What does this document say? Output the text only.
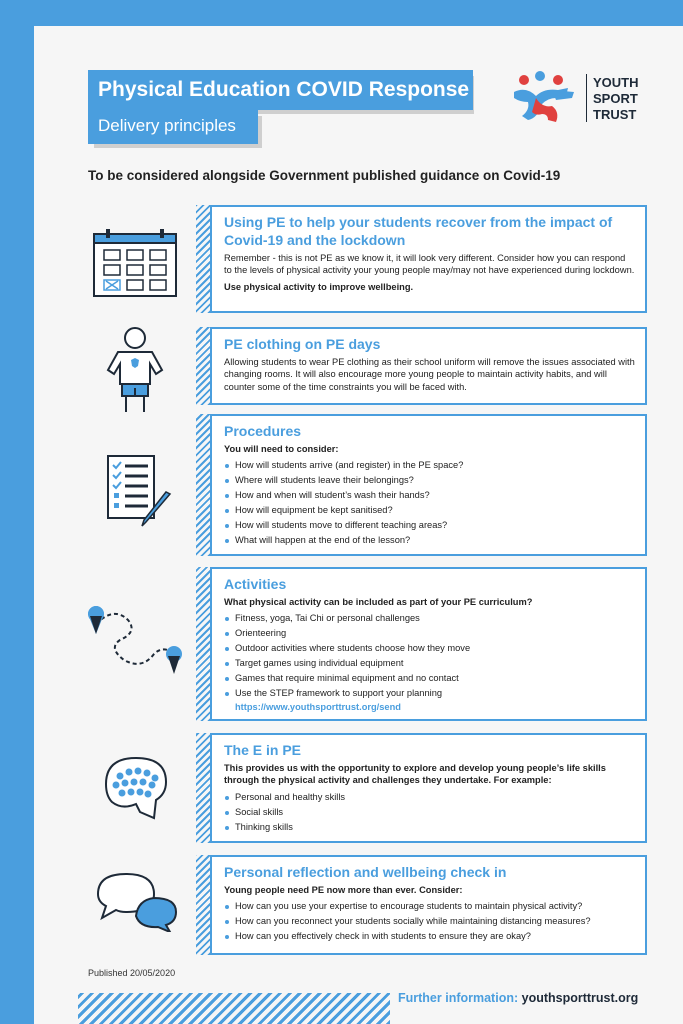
Physical Education COVID Response
Delivery principles
YOUTH
SPORT
TRUST
To be considered alongside Government published guidance on Covid-19
Using PE to help your students recover from the impact of Covid-19 and the lockdown
Remember - this is not PE as we know it, it will look very different. Consider how you can respond to the levels of physical activity your young people may/may not have experienced during lockdown.
Use physical activity to improve wellbeing.
PE clothing on PE days
Allowing students to wear PE clothing as their school uniform will remove the issues associated with changing rooms. It will also encourage more young people to maintain activity habits, and will counter some of the time constraints you will be faced with.
Procedures
You will need to consider:
How will students arrive (and register) in the PE space?
Where will students leave their belongings?
How and when will student’s wash their hands?
How will equipment be kept sanitised?
How will students move to different teaching areas?
What will happen at the end of the lesson?
Activities
What physical activity can be included as part of your PE curriculum?
Fitness, yoga, Tai Chi or personal challenges
Orienteering
Outdoor activities where students choose how they move
Target games using individual equipment
Games that require minimal equipment and no contact
Use the STEP framework to support your planning
https://www.youthsporttrust.org/send
The E in PE
This provides us with the opportunity to explore and develop young people’s life skills through the physical activity and challenges they undertake. For example:
Personal and healthy skills
Social skills
Thinking skills
Personal reflection and wellbeing check in
Young people need PE now more than ever. Consider:
How can you use your expertise to encourage students to maintain physical activity?
How can you reconnect your students socially while maintaining distancing measures?
How can you effectively check in with students to ensure they are okay?
Published 20/05/2020
Further information: youthsporttrust.org
